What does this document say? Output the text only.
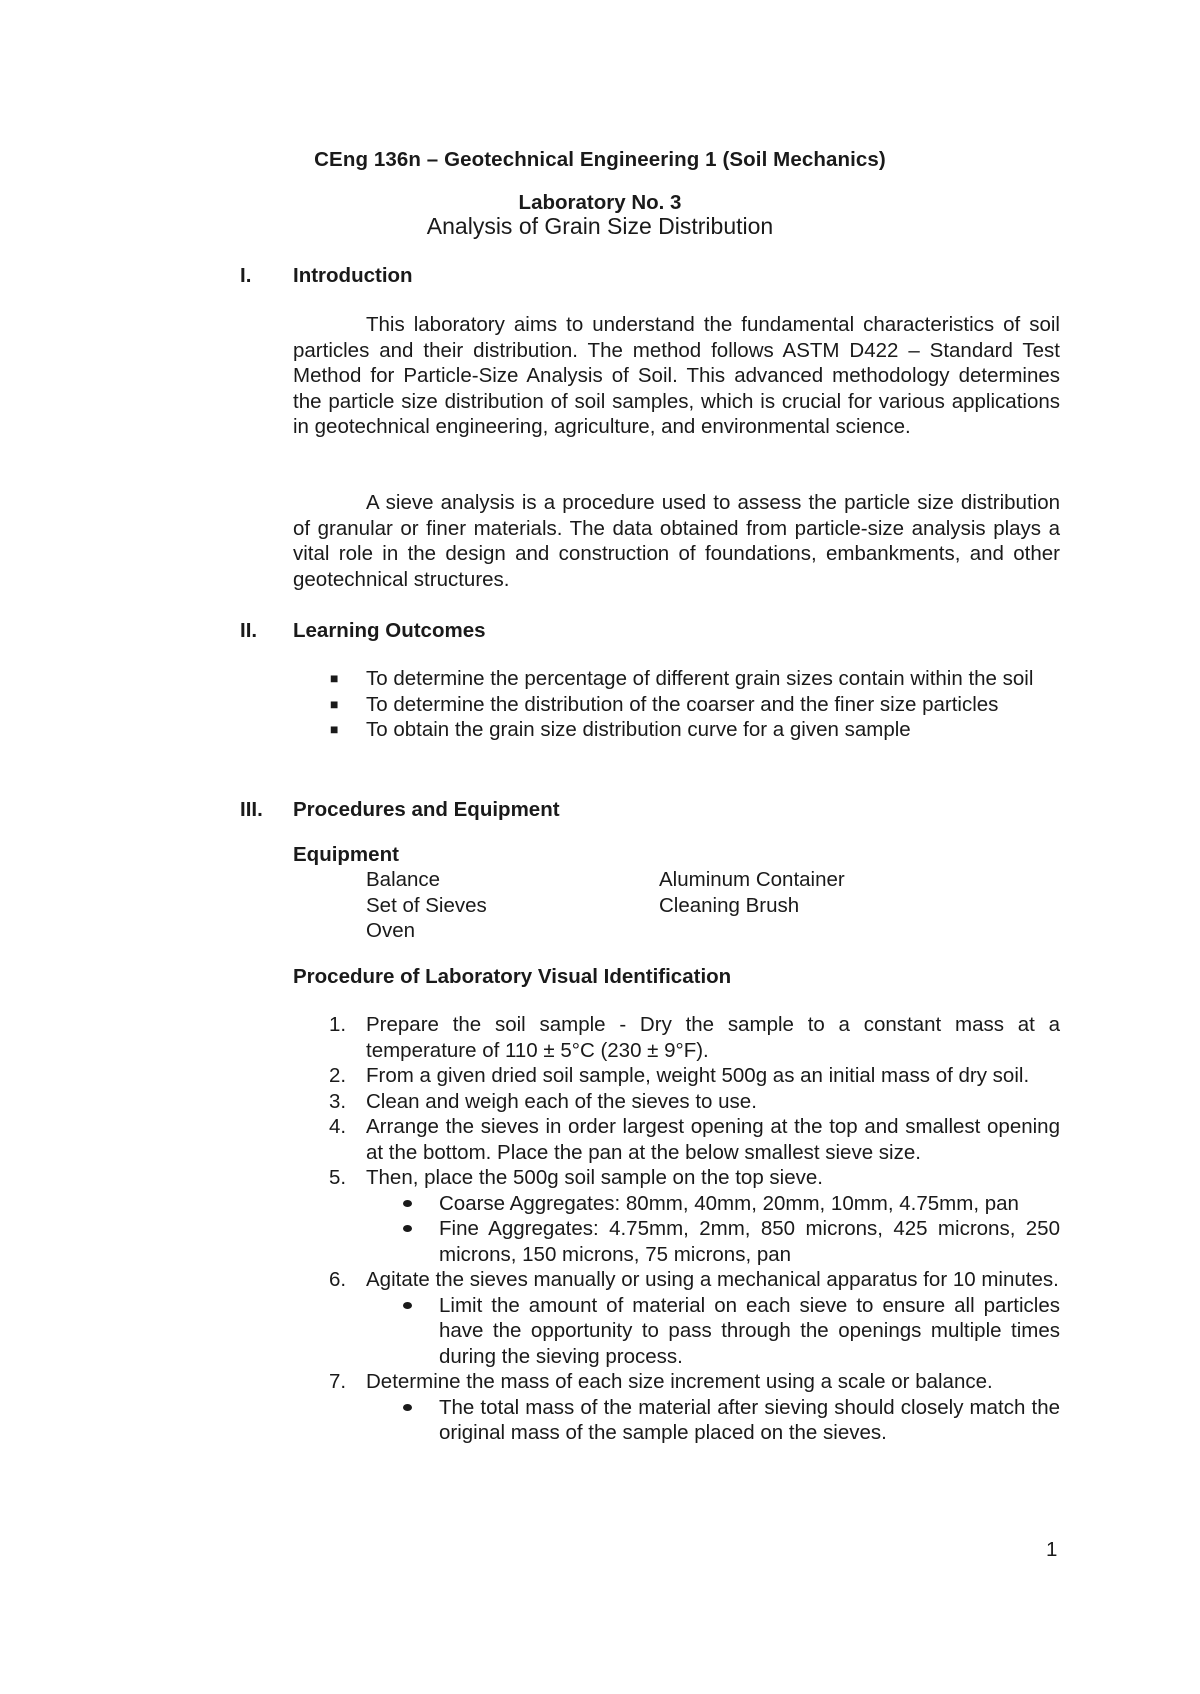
CEng 136n – Geotechnical Engineering 1 (Soil Mechanics)
Laboratory No. 3
Analysis of Grain Size Distribution
I. Introduction

This laboratory aims to understand the fundamental characteristics of soil particles and their distribution. The method follows ASTM D422 – Standard Test Method for Particle-Size Analysis of Soil. This advanced methodology determines the particle size distribution of soil samples, which is crucial for various applications in geotechnical engineering, agriculture, and environmental science.

A sieve analysis is a procedure used to assess the particle size distribution of granular or finer materials. The data obtained from particle-size analysis plays a vital role in the design and construction of foundations, embankments, and other geotechnical structures.

II. Learning Outcomes
■ To determine the percentage of different grain sizes contain within the soil
■ To determine the distribution of the coarser and the finer size particles
■ To obtain the grain size distribution curve for a given sample
III. Procedures and Equipment
Equipment
Balance	Aluminum Container
Set of Sieves	Cleaning Brush
Oven
Procedure of Laboratory Visual Identification
1. Prepare the soil sample - Dry the sample to a constant mass at a temperature of 110 ± 5°C (230 ± 9°F).
2. From a given dried soil sample, weight 500g as an initial mass of dry soil.
3. Clean and weigh each of the sieves to use.
4. Arrange the sieves in order largest opening at the top and smallest opening at the bottom. Place the pan at the below smallest sieve size.
5. Then, place the 500g soil sample on the top sieve.
Coarse Aggregates: 80mm, 40mm, 20mm, 10mm, 4.75mm, pan
Fine Aggregates: 4.75mm, 2mm, 850 microns, 425 microns, 250 microns, 150 microns, 75 microns, pan
6. Agitate the sieves manually or using a mechanical apparatus for 10 minutes.
Limit the amount of material on each sieve to ensure all particles have the opportunity to pass through the openings multiple times during the sieving process.
7. Determine the mass of each size increment using a scale or balance.
The total mass of the material after sieving should closely match the original mass of the sample placed on the sieves.
1
